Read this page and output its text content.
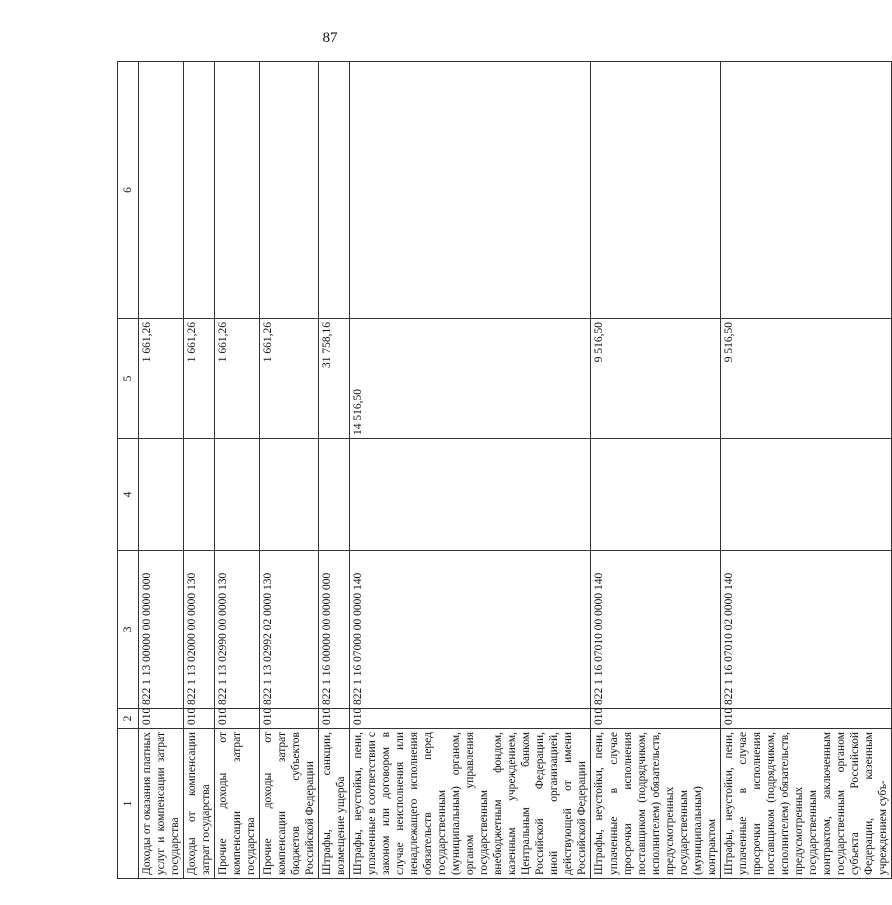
87
1	2	3	4	5	6
Доходы от оказания платных услуг и компенсации затрат государства	010	822 1 13 00000 00 0000 000		1 661,26	
Доходы от компенсации затрат государства	010	822 1 13 02000 00 0000 130		1 661,26	
Прочие доходы от компенсации затрат государства	010	822 1 13 02990 00 0000 130		1 661,26	
Прочие доходы от компенсации затрат бюджетов субъектов Российской Федерации	010	822 1 13 02992 02 0000 130		1 661,26	
Штрафы, санкции, возмещение ущерба	010	822 1 16 00000 00 0000 000		31 758,16	
Штрафы, неустойки, пени, уплаченные в соответствии с законом или договором в случае неисполнения или ненадлежащего исполнения обязательств перед государственным (муниципальным) органом, органом управления государственным внебюджетным фондом, казенным учреждением, Центральным банком Российской Федерации, иной организацией, действующей от имени Российской Федерации	010	822 1 16 07000 00 0000 140		14 516,50	
Штрафы, неустойки, пени, уплаченные в случае просрочки исполнения поставщиком (подрядчиком, исполнителем) обязательств, предусмотренных государственным (муниципальным) контрактом	010	822 1 16 07010 00 0000 140		9 516,50	
Штрафы, неустойки, пени, уплаченные в случае просрочки исполнения поставщиком (подрядчиком, исполнителем) обязательств, предусмотренных государственным контрактом, заключенным государственным органом субъекта Российской Федерации, казенным учреждением субъ-	010	822 1 16 07010 02 0000 140		9 516,50	
